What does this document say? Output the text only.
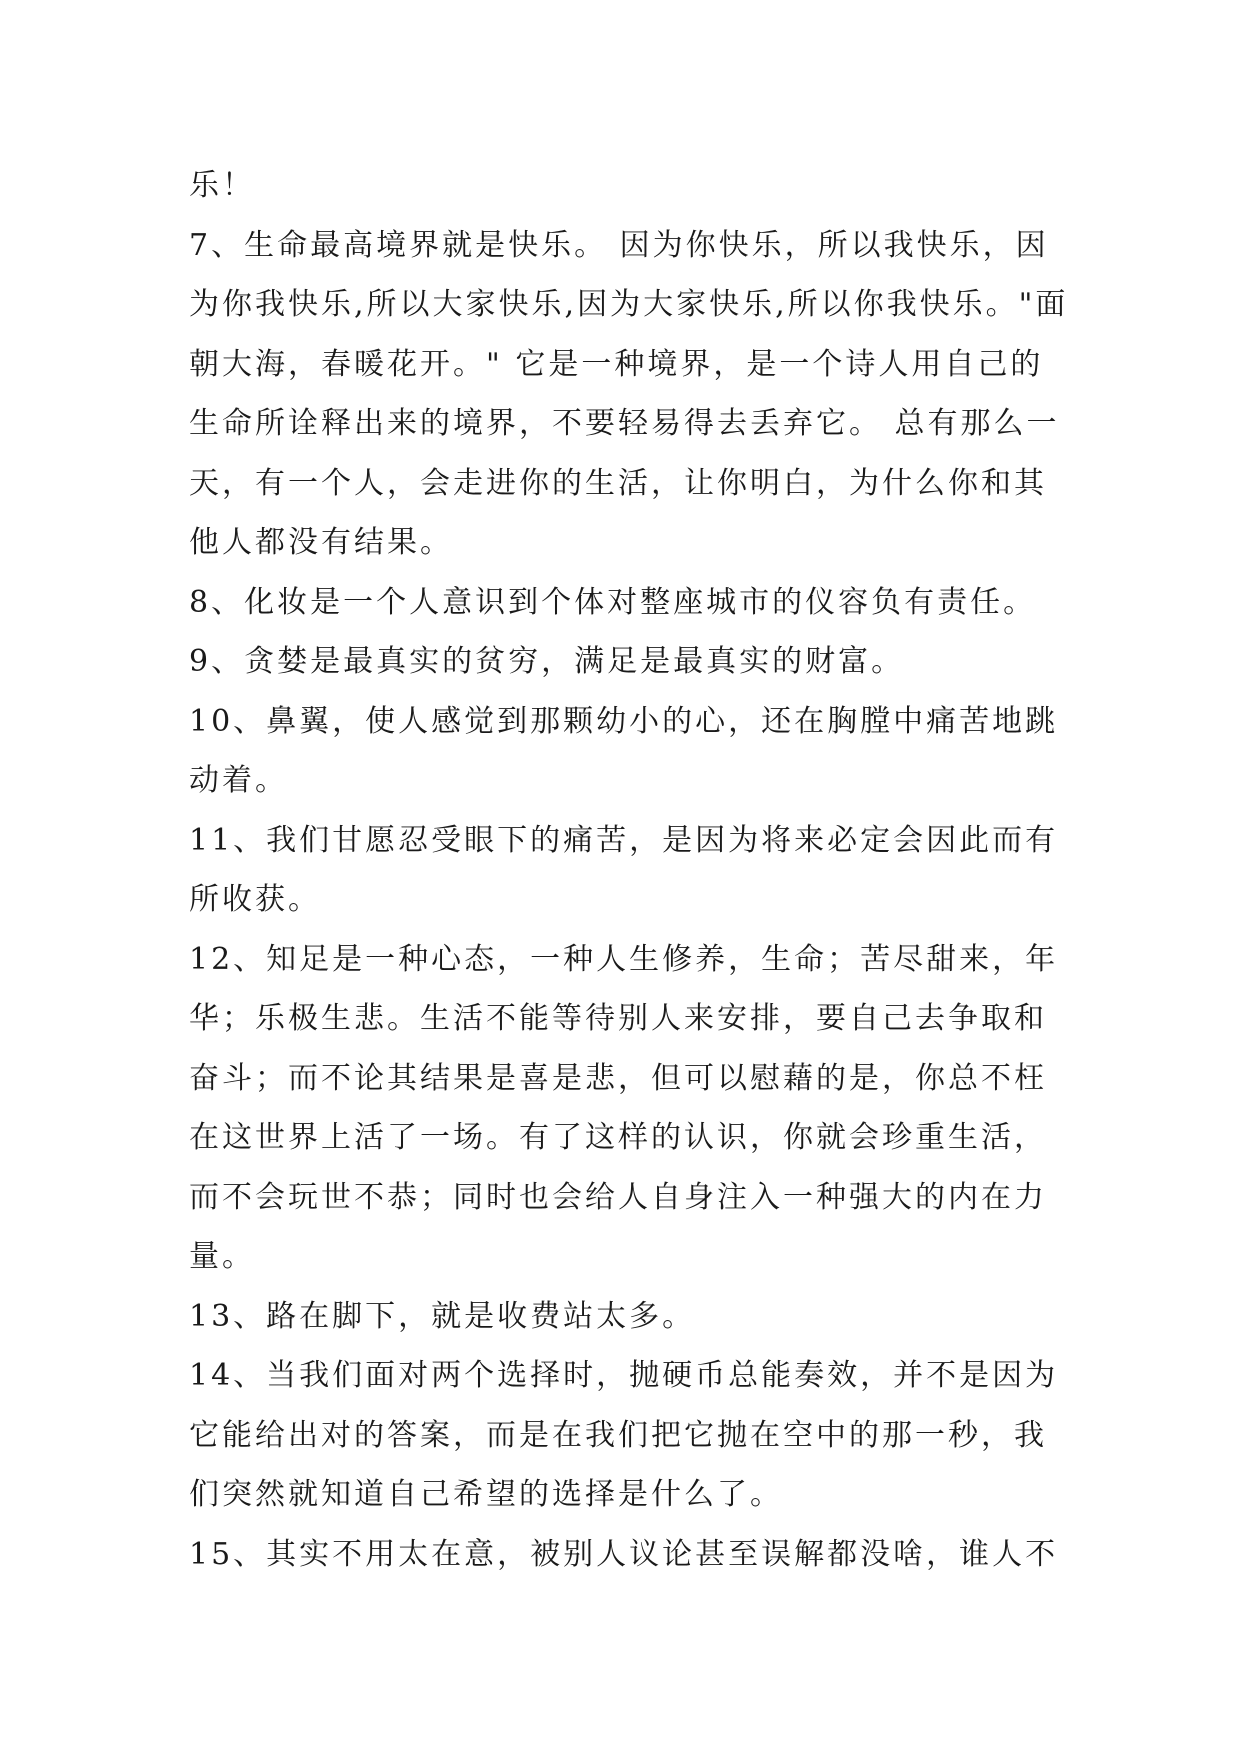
乐！

7、生命最高境界就是快乐。 因为你快乐，所以我快乐，因为你我快乐,所以大家快乐,因为大家快乐,所以你我快乐。"面朝大海，春暖花开。" 它是一种境界，是一个诗人用自己的生命所诠释出来的境界，不要轻易得去丢弃它。 总有那么一天，有一个人，会走进你的生活，让你明白，为什么你和其他人都没有结果。

8、化妆是一个人意识到个体对整座城市的仪容负有责任。

9、贪婪是最真实的贫穷，满足是最真实的财富。

10、鼻翼，使人感觉到那颗幼小的心，还在胸膛中痛苦地跳动着。

11、我们甘愿忍受眼下的痛苦，是因为将来必定会因此而有所收获。

12、知足是一种心态，一种人生修养，生命；苦尽甜来，年华；乐极生悲。生活不能等待别人来安排，要自己去争取和奋斗；而不论其结果是喜是悲，但可以慰藉的是，你总不枉在这世界上活了一场。有了这样的认识，你就会珍重生活，而不会玩世不恭；同时也会给人自身注入一种强大的内在力量。

13、路在脚下，就是收费站太多。

14、当我们面对两个选择时，抛硬币总能奏效，并不是因为它能给出对的答案，而是在我们把它抛在空中的那一秒，我们突然就知道自己希望的选择是什么了。

15、其实不用太在意，被别人议论甚至误解都没啥，谁人不
